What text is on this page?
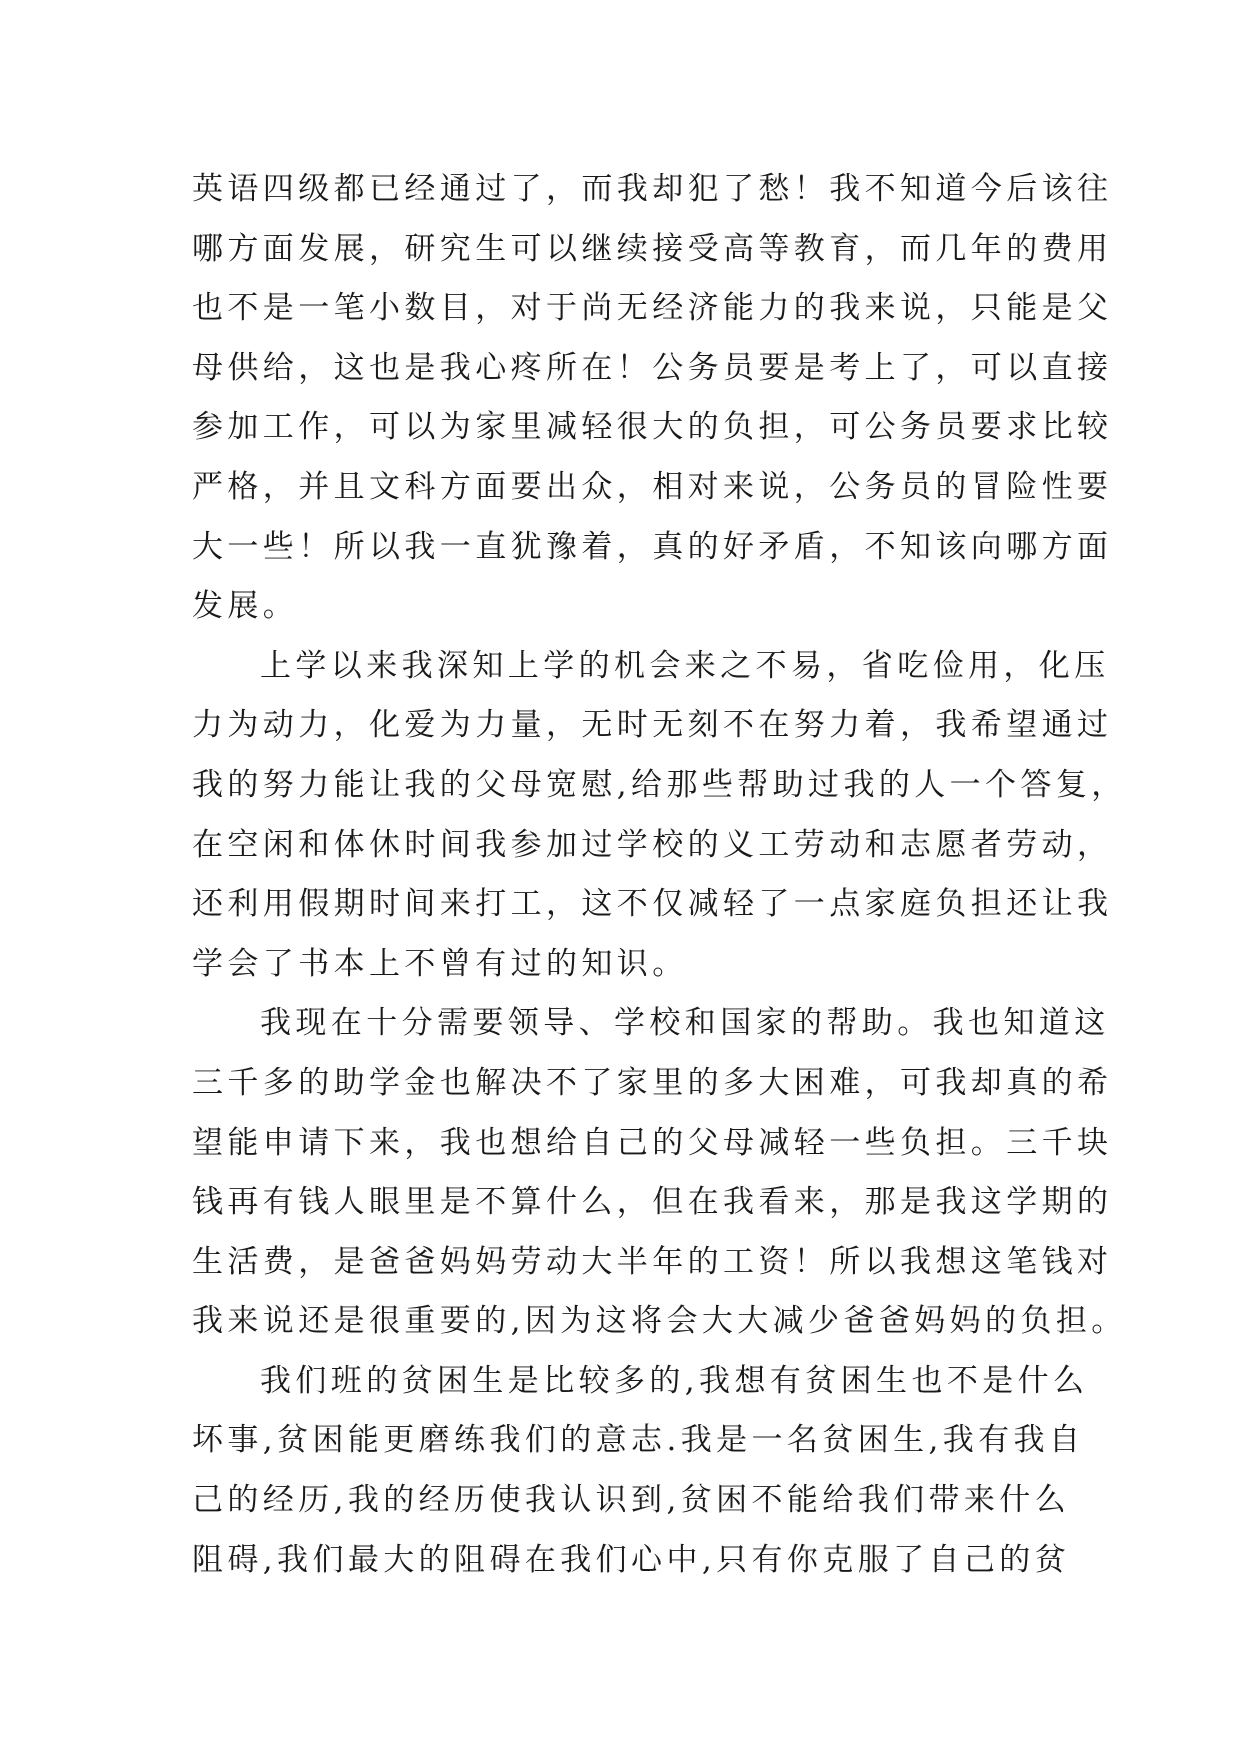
英语四级都已经通过了，而我却犯了愁！我不知道今后该往
哪方面发展，研究生可以继续接受高等教育，而几年的费用
也不是一笔小数目，对于尚无经济能力的我来说，只能是父
母供给，这也是我心疼所在！公务员要是考上了，可以直接
参加工作，可以为家里减轻很大的负担，可公务员要求比较
严格，并且文科方面要出众，相对来说，公务员的冒险性要
大一些！所以我一直犹豫着，真的好矛盾，不知该向哪方面
发展。
上学以来我深知上学的机会来之不易，省吃俭用，化压
力为动力，化爱为力量，无时无刻不在努力着，我希望通过
我的努力能让我的父母宽慰,给那些帮助过我的人一个答复，
在空闲和体休时间我参加过学校的义工劳动和志愿者劳动，
还利用假期时间来打工，这不仅减轻了一点家庭负担还让我
学会了书本上不曾有过的知识。
我现在十分需要领导、学校和国家的帮助。我也知道这
三千多的助学金也解决不了家里的多大困难，可我却真的希
望能申请下来，我也想给自己的父母减轻一些负担。三千块
钱再有钱人眼里是不算什么，但在我看来，那是我这学期的
生活费，是爸爸妈妈劳动大半年的工资！所以我想这笔钱对
我来说还是很重要的,因为这将会大大减少爸爸妈妈的负担。
我们班的贫困生是比较多的,我想有贫困生也不是什么
坏事,贫困能更磨练我们的意志.我是一名贫困生,我有我自
己的经历,我的经历使我认识到,贫困不能给我们带来什么
阻碍,我们最大的阻碍在我们心中,只有你克服了自己的贫
